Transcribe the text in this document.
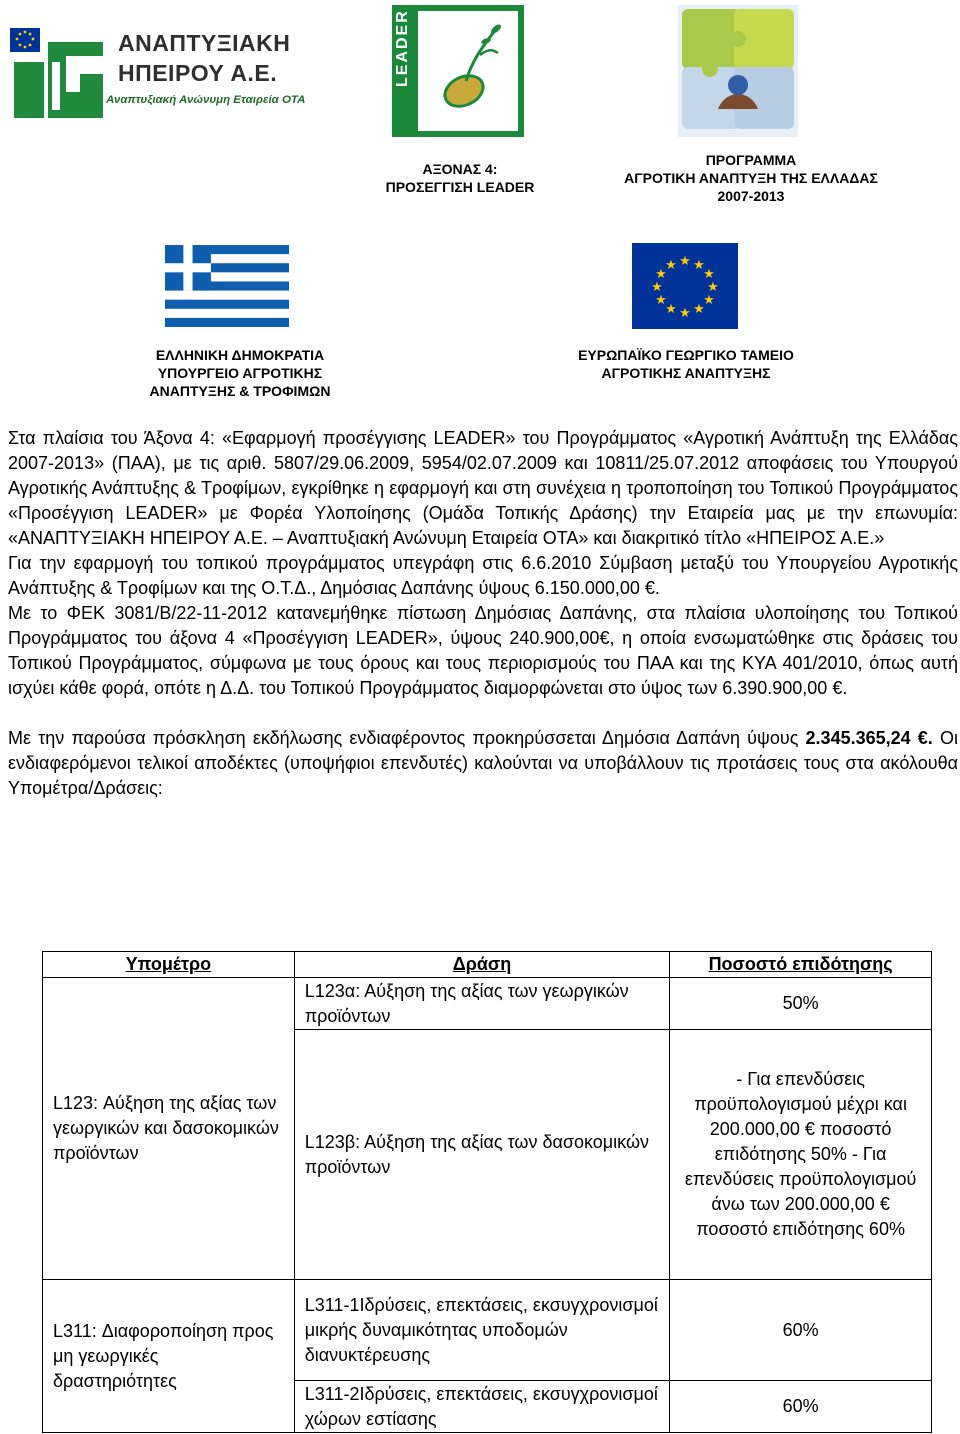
ΑΝΑΠΤΥΞΙΑΚΗ
ΗΠΕΙΡΟΥ Α.Ε.
Αναπτυξιακή Ανώνυμη Εταιρεία ΟΤΑ
ΑΞΟΝΑΣ 4:
ΠΡΟΣΕΓΓΙΣΗ LEADER
ΠΡΟΓΡΑΜΜΑ
ΑΓΡΟΤΙΚΗ ΑΝΑΠΤΥΞΗ ΤΗΣ ΕΛΛΑΔΑΣ
2007-2013
★ ★
★
★
★
★
★
★
★
★
★
★
ΕΛΛΗΝΙΚΗ ΔΗΜΟΚΡΑΤΙΑ
ΥΠΟΥΡΓΕΙΟ ΑΓΡΟΤΙΚΗΣ
ΑΝΑΠΤΥΞΗΣ & ΤΡΟΦΙΜΩΝ
ΕΥΡΩΠΑΪΚΟ ΓΕΩΡΓΙΚΟ ΤΑΜΕΙΟ
ΑΓΡΟΤΙΚΗΣ ΑΝΑΠΤΥΞΗΣ

Στα πλαίσια του Άξονα 4: «Εφαρμογή προσέγγισης LEADER» του Προγράμματος «Αγροτική Ανάπτυξη της Ελλάδας 2007-2013» (ΠΑΑ), με τις αριθ. 5807/29.06.2009, 5954/02.07.2009 και 10811/25.07.2012 αποφάσεις του Υπουργού Αγροτικής Ανάπτυξης & Τροφίμων, εγκρίθηκε η εφαρμογή και στη συνέχεια η τροποποίηση του Τοπικού Προγράμματος «Προσέγγιση LEADER» με Φορέα Υλοποίησης (Ομάδα Τοπικής Δράσης) την Εταιρεία μας με την επωνυμία: «ΑΝΑΠΤΥΞΙΑΚΗ ΗΠΕΙΡΟΥ Α.Ε. – Αναπτυξιακή Ανώνυμη Εταιρεία ΟΤΑ» και διακριτικό τίτλο «ΗΠΕΙΡΟΣ Α.Ε.»

Για την εφαρμογή του τοπικού προγράμματος υπεγράφη στις 6.6.2010 Σύμβαση μεταξύ του Υπουργείου Αγροτικής Ανάπτυξης & Τροφίμων και της Ο.Τ.Δ., Δημόσιας Δαπάνης ύψους 6.150.000,00 €.

Με το ΦΕΚ 3081/Β/22-11-2012 κατανεμήθηκε πίστωση Δημόσιας Δαπάνης, στα πλαίσια υλοποίησης του Τοπικού Προγράμματος του άξονα 4 «Προσέγγιση LEADER», ύψους 240.900,00€, η οποία ενσωματώθηκε στις δράσεις του Τοπικού Προγράμματος, σύμφωνα με τους όρους και τους περιορισμούς του ΠΑΑ και της ΚΥΑ 401/2010, όπως αυτή ισχύει κάθε φορά, οπότε η Δ.Δ. του Τοπικού Προγράμματος διαμορφώνεται στο ύψος των 6.390.900,00 €.

Με την παρούσα πρόσκληση εκδήλωσης ενδιαφέροντος προκηρύσσεται Δημόσια Δαπάνη ύψους 2.345.365,24 €. Οι ενδιαφερόμενοι τελικοί αποδέκτες (υποψήφιοι επενδυτές) καλούνται να υποβάλλουν τις προτάσεις τους στα ακόλουθα Υπομέτρα/Δράσεις:

Υπομέτρο	Δράση	Ποσοστό επιδότησης
L123: Αύξηση της αξίας των γεωργικών και δασοκομικών προϊόντων	L123α: Αύξηση της αξίας των γεωργικών προϊόντων	50%
	L123β: Αύξηση της αξίας των δασοκομικών προϊόντων	- Για επενδύσεις προϋπολογισμού μέχρι και 200.000,00 € ποσοστό επιδότησης 50% - Για επενδύσεις προϋπολογισμού άνω των 200.000,00 € ποσοστό επιδότησης 60%
L311: Διαφοροποίηση προς μη γεωργικές δραστηριότητες	L311-1Ιδρύσεις, επεκτάσεις, εκσυγχρονισμοί μικρής δυναμικότητας υποδομών διανυκτέρευσης	60%
	L311-2Ιδρύσεις, επεκτάσεις, εκσυγχρονισμοί χώρων εστίασης	60%
